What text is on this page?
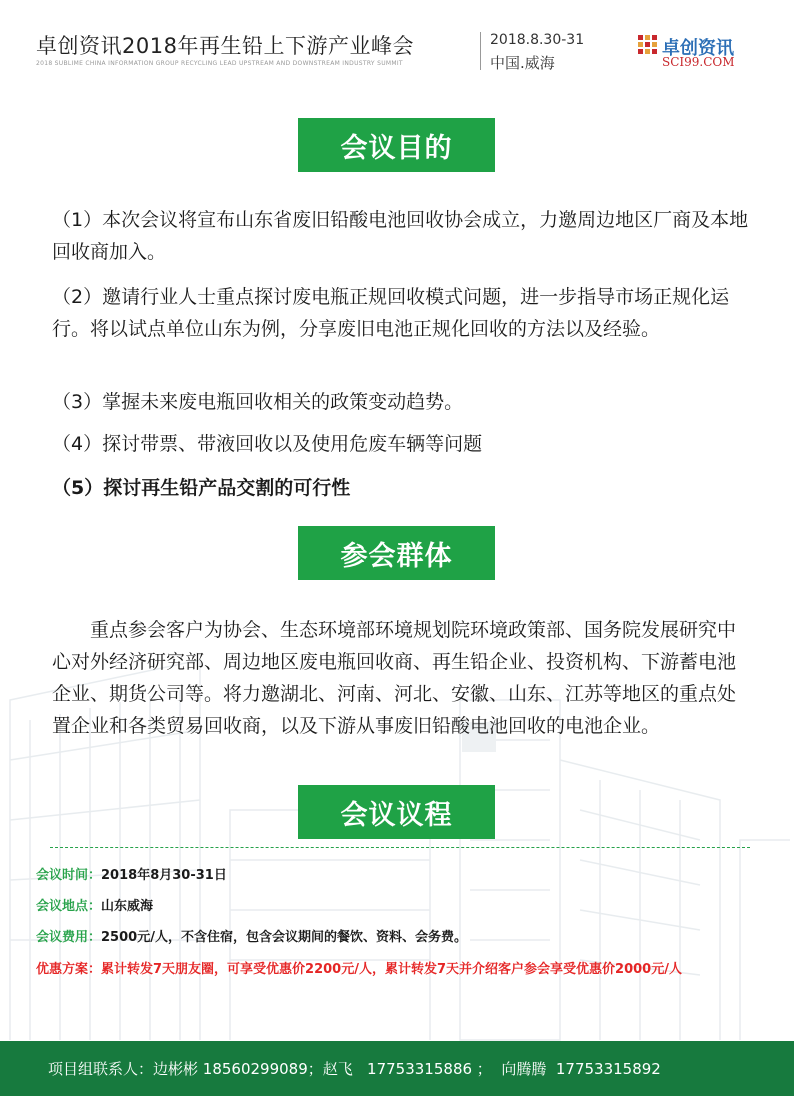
卓创资讯2018年再生铅上下游产业峰会
2018 SUBLIME CHINA INFORMATION GROUP RECYCLING LEAD UPSTREAM AND DOWNSTREAM INDUSTRY SUMMIT
2018.8.30-31
中国.威海
卓创资讯
SCI99.COM
会议目的
（1）本次会议将宣布山东省废旧铅酸电池回收协会成立，力邀周边地区厂商及本地回收商加入。
（2）邀请行业人士重点探讨废电瓶正规回收模式问题，进一步指导市场正规化运行。将以试点单位山东为例，分享废旧电池正规化回收的方法以及经验。
（3）掌握未来废电瓶回收相关的政策变动趋势。
（4）探讨带票、带液回收以及使用危废车辆等问题
（5）探讨再生铅产品交割的可行性
参会群体
重点参会客户为协会、生态环境部环境规划院环境政策部、国务院发展研究中心对外经济研究部、周边地区废电瓶回收商、再生铅企业、投资机构、下游蓄电池企业、期货公司等。将力邀湖北、河南、河北、安徽、山东、江苏等地区的重点处置企业和各类贸易回收商，以及下游从事废旧铅酸电池回收的电池企业。
会议议程
会议时间：2018年8月30-31日
会议地点：山东威海
会议费用：2500元/人，不含住宿，包含会议期间的餐饮、资料、会务费。
优惠方案：累计转发7天朋友圈，可享受优惠价2200元/人，累计转发7天并介绍客户参会享受优惠价2000元/人
项目组联系人：边彬彬 18560299089；赵飞   17753315886 ；  向腾腾  17753315892
